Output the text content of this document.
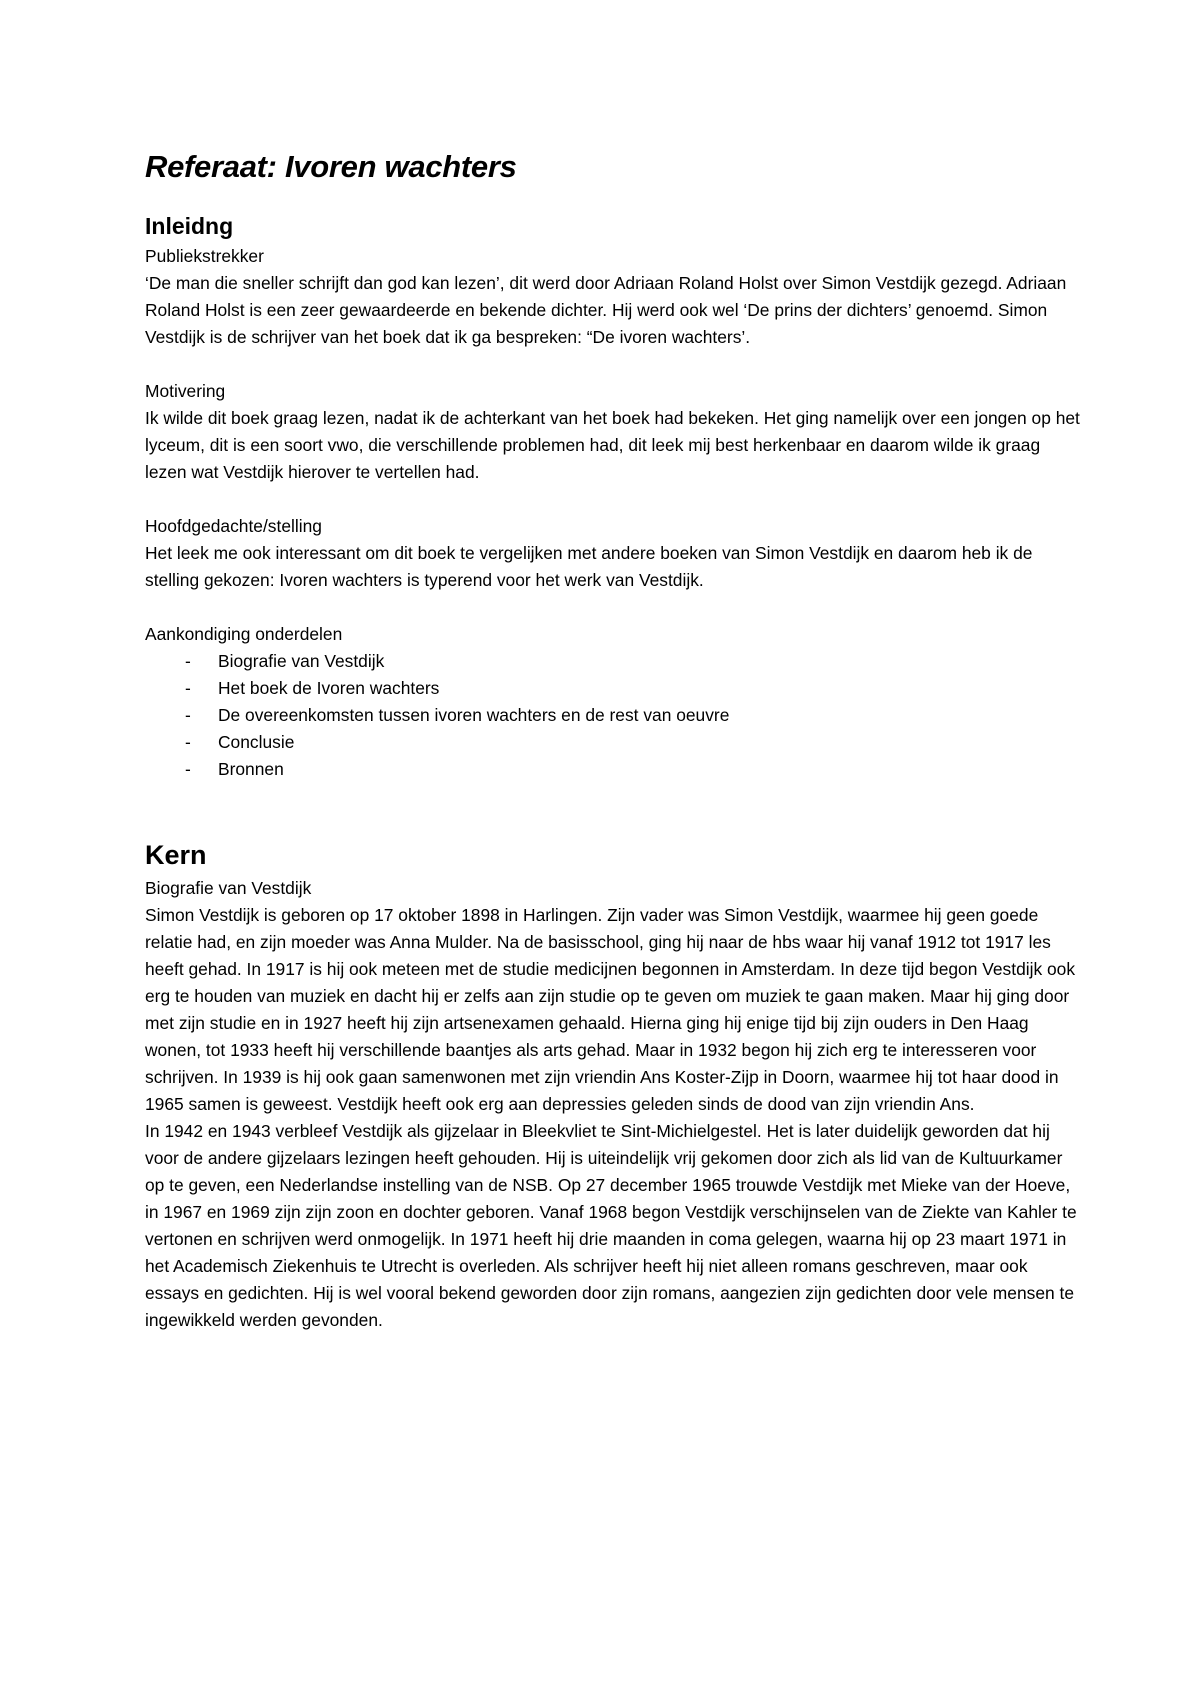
Referaat: Ivoren wachters
Inleidng

Publiekstrekker

‘De man die sneller schrijft dan god kan lezen’, dit werd door Adriaan Roland Holst over Simon Vestdijk gezegd. Adriaan Roland Holst is een zeer gewaardeerde en bekende dichter. Hij werd ook wel ‘De prins der dichters’ genoemd. Simon Vestdijk is de schrijver van het boek dat ik ga bespreken: “De ivoren wachters’.

Motivering

Ik wilde dit boek graag lezen, nadat ik de achterkant van het boek had bekeken. Het ging namelijk over een jongen op het lyceum, dit is een soort vwo, die verschillende problemen had, dit leek mij best herkenbaar en daarom wilde ik graag lezen wat Vestdijk hierover te vertellen had.

Hoofdgedachte/stelling

Het leek me ook interessant om dit boek te vergelijken met andere boeken van Simon Vestdijk en daarom heb ik de stelling gekozen: Ivoren wachters is typerend voor het werk van Vestdijk.

Aankondiging onderdelen

- Biografie van Vestdijk
- Het boek de Ivoren wachters
- De overeenkomsten tussen ivoren wachters en de rest van oeuvre
- Conclusie
- Bronnen
Kern

Biografie van Vestdijk

Simon Vestdijk is geboren op 17 oktober 1898 in Harlingen. Zijn vader was Simon Vestdijk, waarmee hij geen goede relatie had, en zijn moeder was Anna Mulder. Na de basisschool, ging hij naar de hbs waar hij vanaf 1912 tot 1917 les heeft gehad. In 1917 is hij ook meteen met de studie medicijnen begonnen in Amsterdam. In deze tijd begon Vestdijk ook erg te houden van muziek en dacht hij er zelfs aan zijn studie op te geven om muziek te gaan maken. Maar hij ging door met zijn studie en in 1927 heeft hij zijn artsenexamen gehaald. Hierna ging hij enige tijd bij zijn ouders in Den Haag wonen, tot 1933 heeft hij verschillende baantjes als arts gehad. Maar in 1932 begon hij zich erg te interesseren voor schrijven. In 1939 is hij ook gaan samenwonen met zijn vriendin Ans Koster-Zijp in Doorn, waarmee hij tot haar dood in 1965 samen is geweest. Vestdijk heeft ook erg aan depressies geleden sinds de dood van zijn vriendin Ans.

In 1942 en 1943 verbleef Vestdijk als gijzelaar in Bleekvliet te Sint-Michielgestel. Het is later duidelijk geworden dat hij voor de andere gijzelaars lezingen heeft gehouden. Hij is uiteindelijk vrij gekomen door zich als lid van de Kultuurkamer op te geven, een Nederlandse instelling van de NSB. Op 27 december 1965 trouwde Vestdijk met Mieke van der Hoeve, in 1967 en 1969 zijn zijn zoon en dochter geboren. Vanaf 1968 begon Vestdijk verschijnselen van de Ziekte van Kahler te vertonen en schrijven werd onmogelijk. In 1971 heeft hij drie maanden in coma gelegen, waarna hij op 23 maart 1971 in het Academisch Ziekenhuis te Utrecht is overleden. Als schrijver heeft hij niet alleen romans geschreven, maar ook essays en gedichten. Hij is wel vooral bekend geworden door zijn romans, aangezien zijn gedichten door vele mensen te ingewikkeld werden gevonden.
